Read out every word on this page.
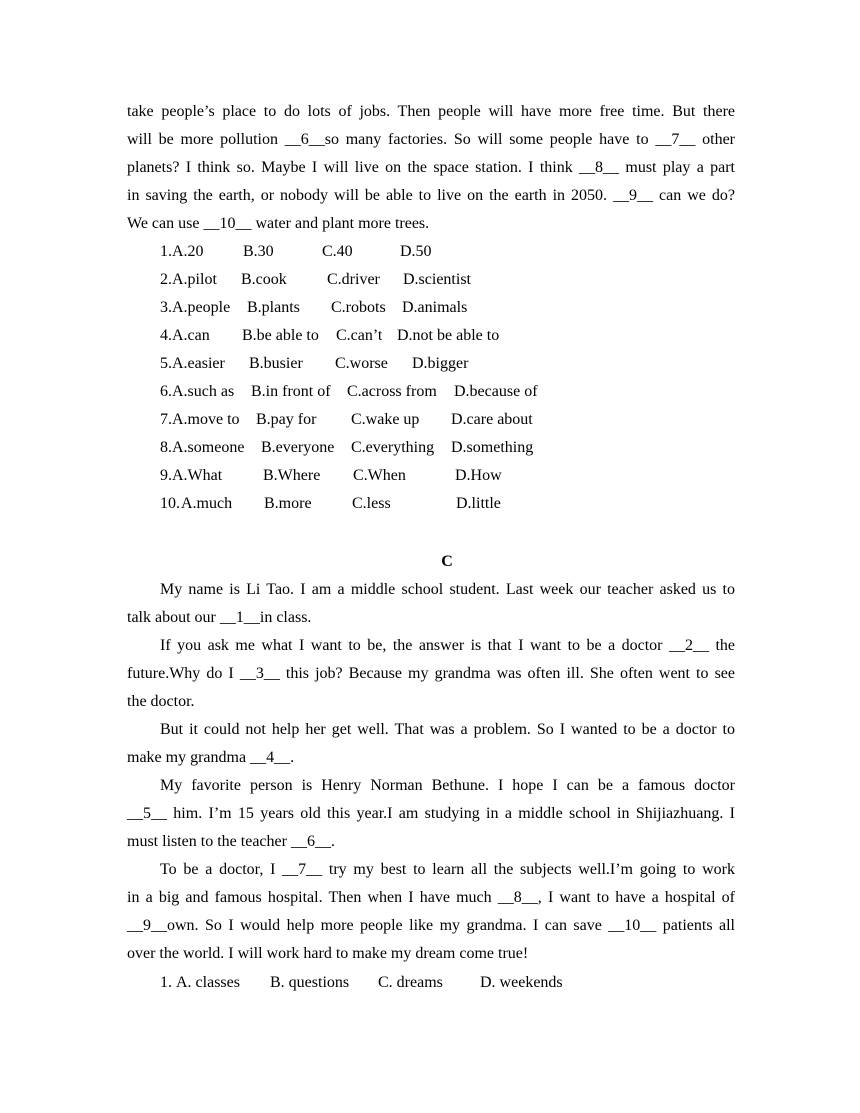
take people’s place to do lots of jobs. Then people will have more free time. But there
will be more pollution __6__so many factories. So will some people have to __7__ other
planets? I think so. Maybe I will live on the space station. I think __8__ must play a part
in saving the earth, or nobody will be able to live on the earth in 2050. __9__ can we do?
We can use __10__ water and plant more trees.
1. A.20 B.30	C.40	D.50
2. A.pilot B.cook	C.driver D.scientist
3. A.people B.plants C.robots D.animals
4. A.can B.be able to C.can’t D.not be able to
5. A.easier B.busier C.worse D.bigger
6. A.such as B.in front of C.across from D.because of
7. A.move to B.pay for C.wake up D.care about
8. A.someone B.everyone C.everything D.something
9. A.What	B.Where C.When	D.How
10. A.much B.more	C.less	D.little
C
My name is Li Tao. I am a middle school student. Last week our teacher asked us to
talk about our __1__in class.
If you ask me what I want to be, the answer is that I want to be a doctor __2__ the
future.Why do I __3__ this job? Because my grandma was often ill. She often went to see
the doctor.
But it could not help her get well. That was a problem. So I wanted to be a doctor to
make my grandma __4__.
My favorite person is Henry Norman Bethune. I hope I can be a famous doctor
__5__ him. I’m 15 years old this year.I am studying in a middle school in Shijiazhuang. I
must listen to the teacher __6__.
To be a doctor, I __7__ try my best to learn all the subjects well.I’m going to work
in a big and famous hospital. Then when I have much __8__, I want to have a hospital of
__9__own. So I would help more people like my grandma. I can save __10__ patients all
over the world. I will work hard to make my dream come true!
1. A. classes B. questions C. dreams D. weekends
